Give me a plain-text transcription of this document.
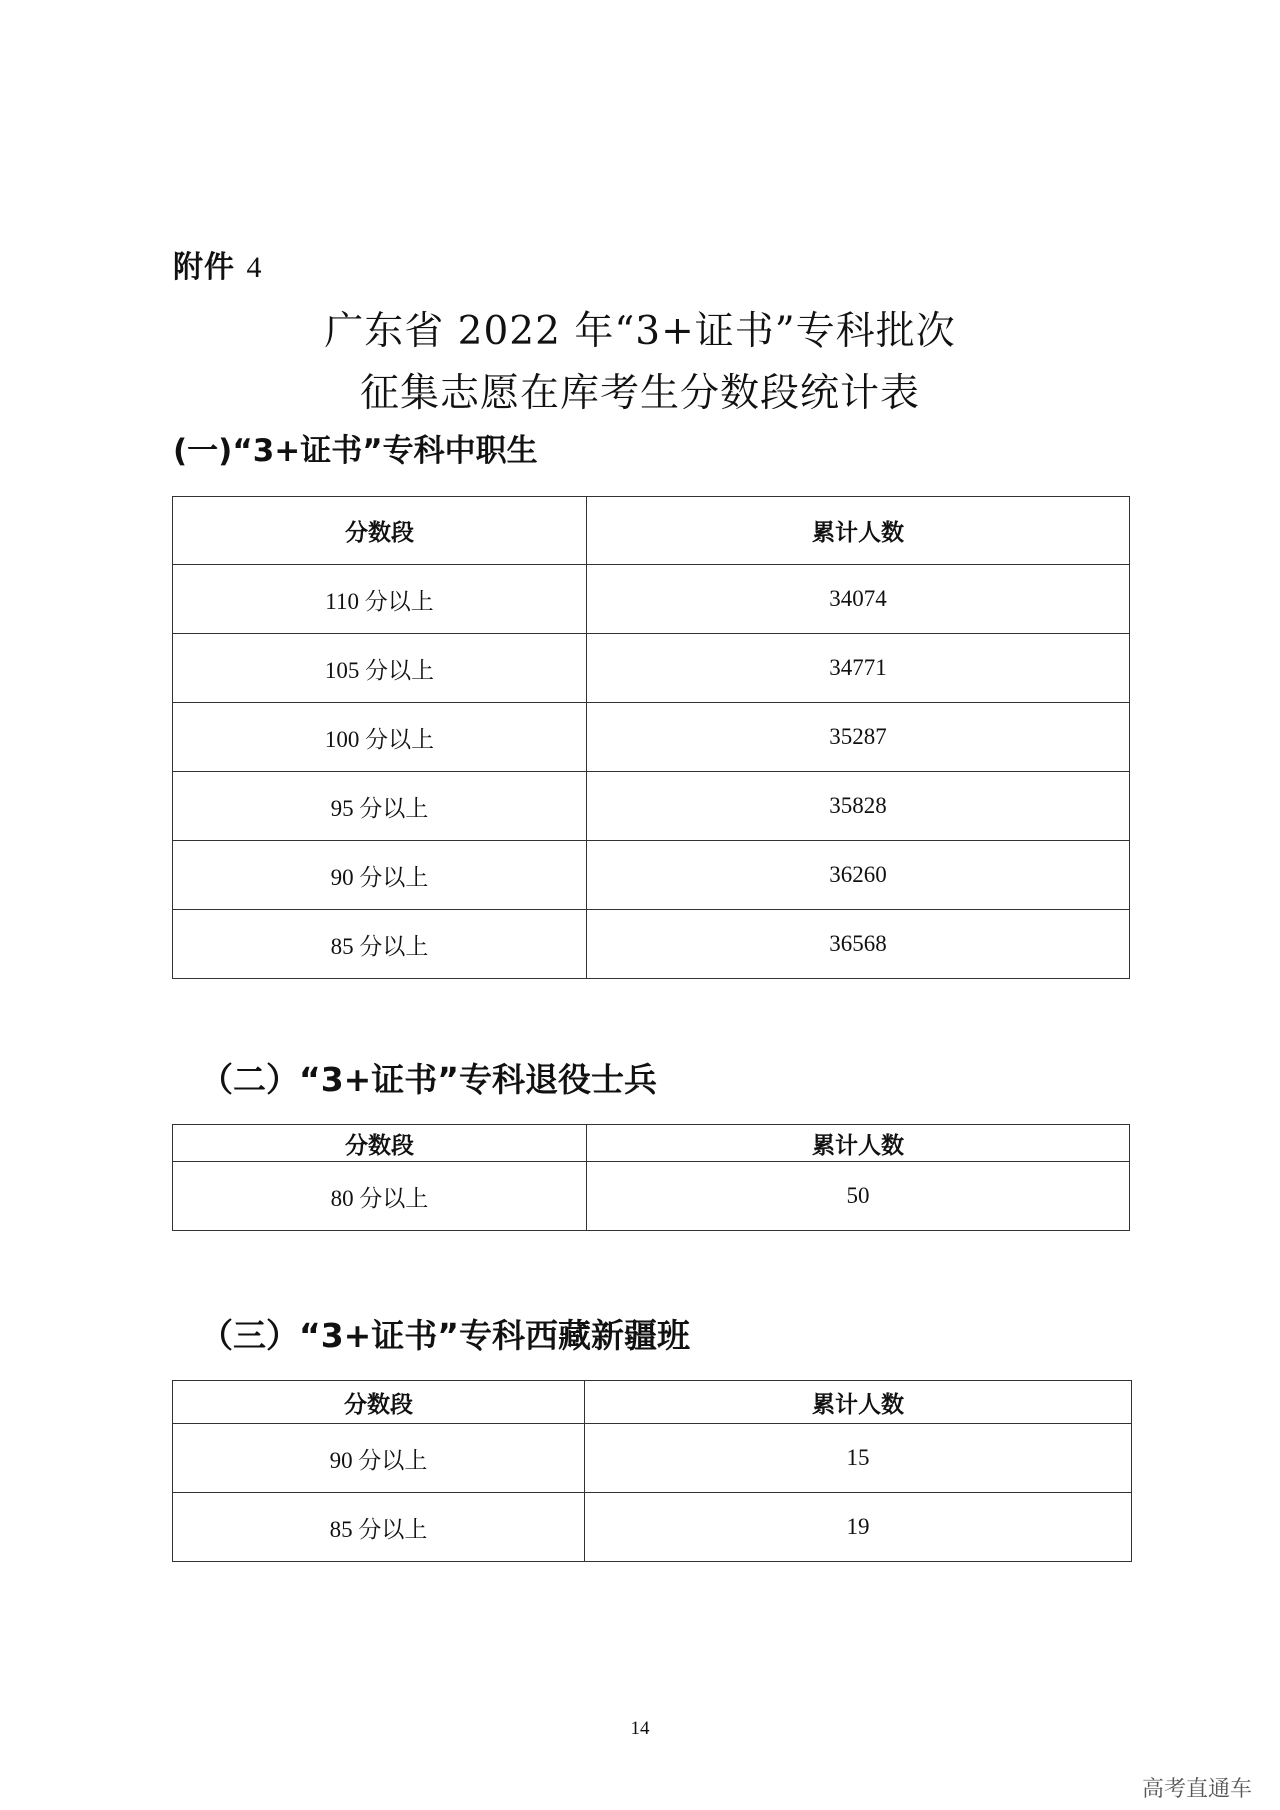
附件 4
广东省 2022 年“3+证书”专科批次
征集志愿在库考生分数段统计表
(一)“3+证书”专科中职生
分数段	累计人数
110 分以上	34074
105 分以上	34771
100 分以上	35287
95 分以上	35828
90 分以上	36260
85 分以上	36568
（二）“3+证书”专科退役士兵
分数段	累计人数
80 分以上	50
（三）“3+证书”专科西藏新疆班
分数段	累计人数
90 分以上	15
85 分以上	19
14
高考直通车
